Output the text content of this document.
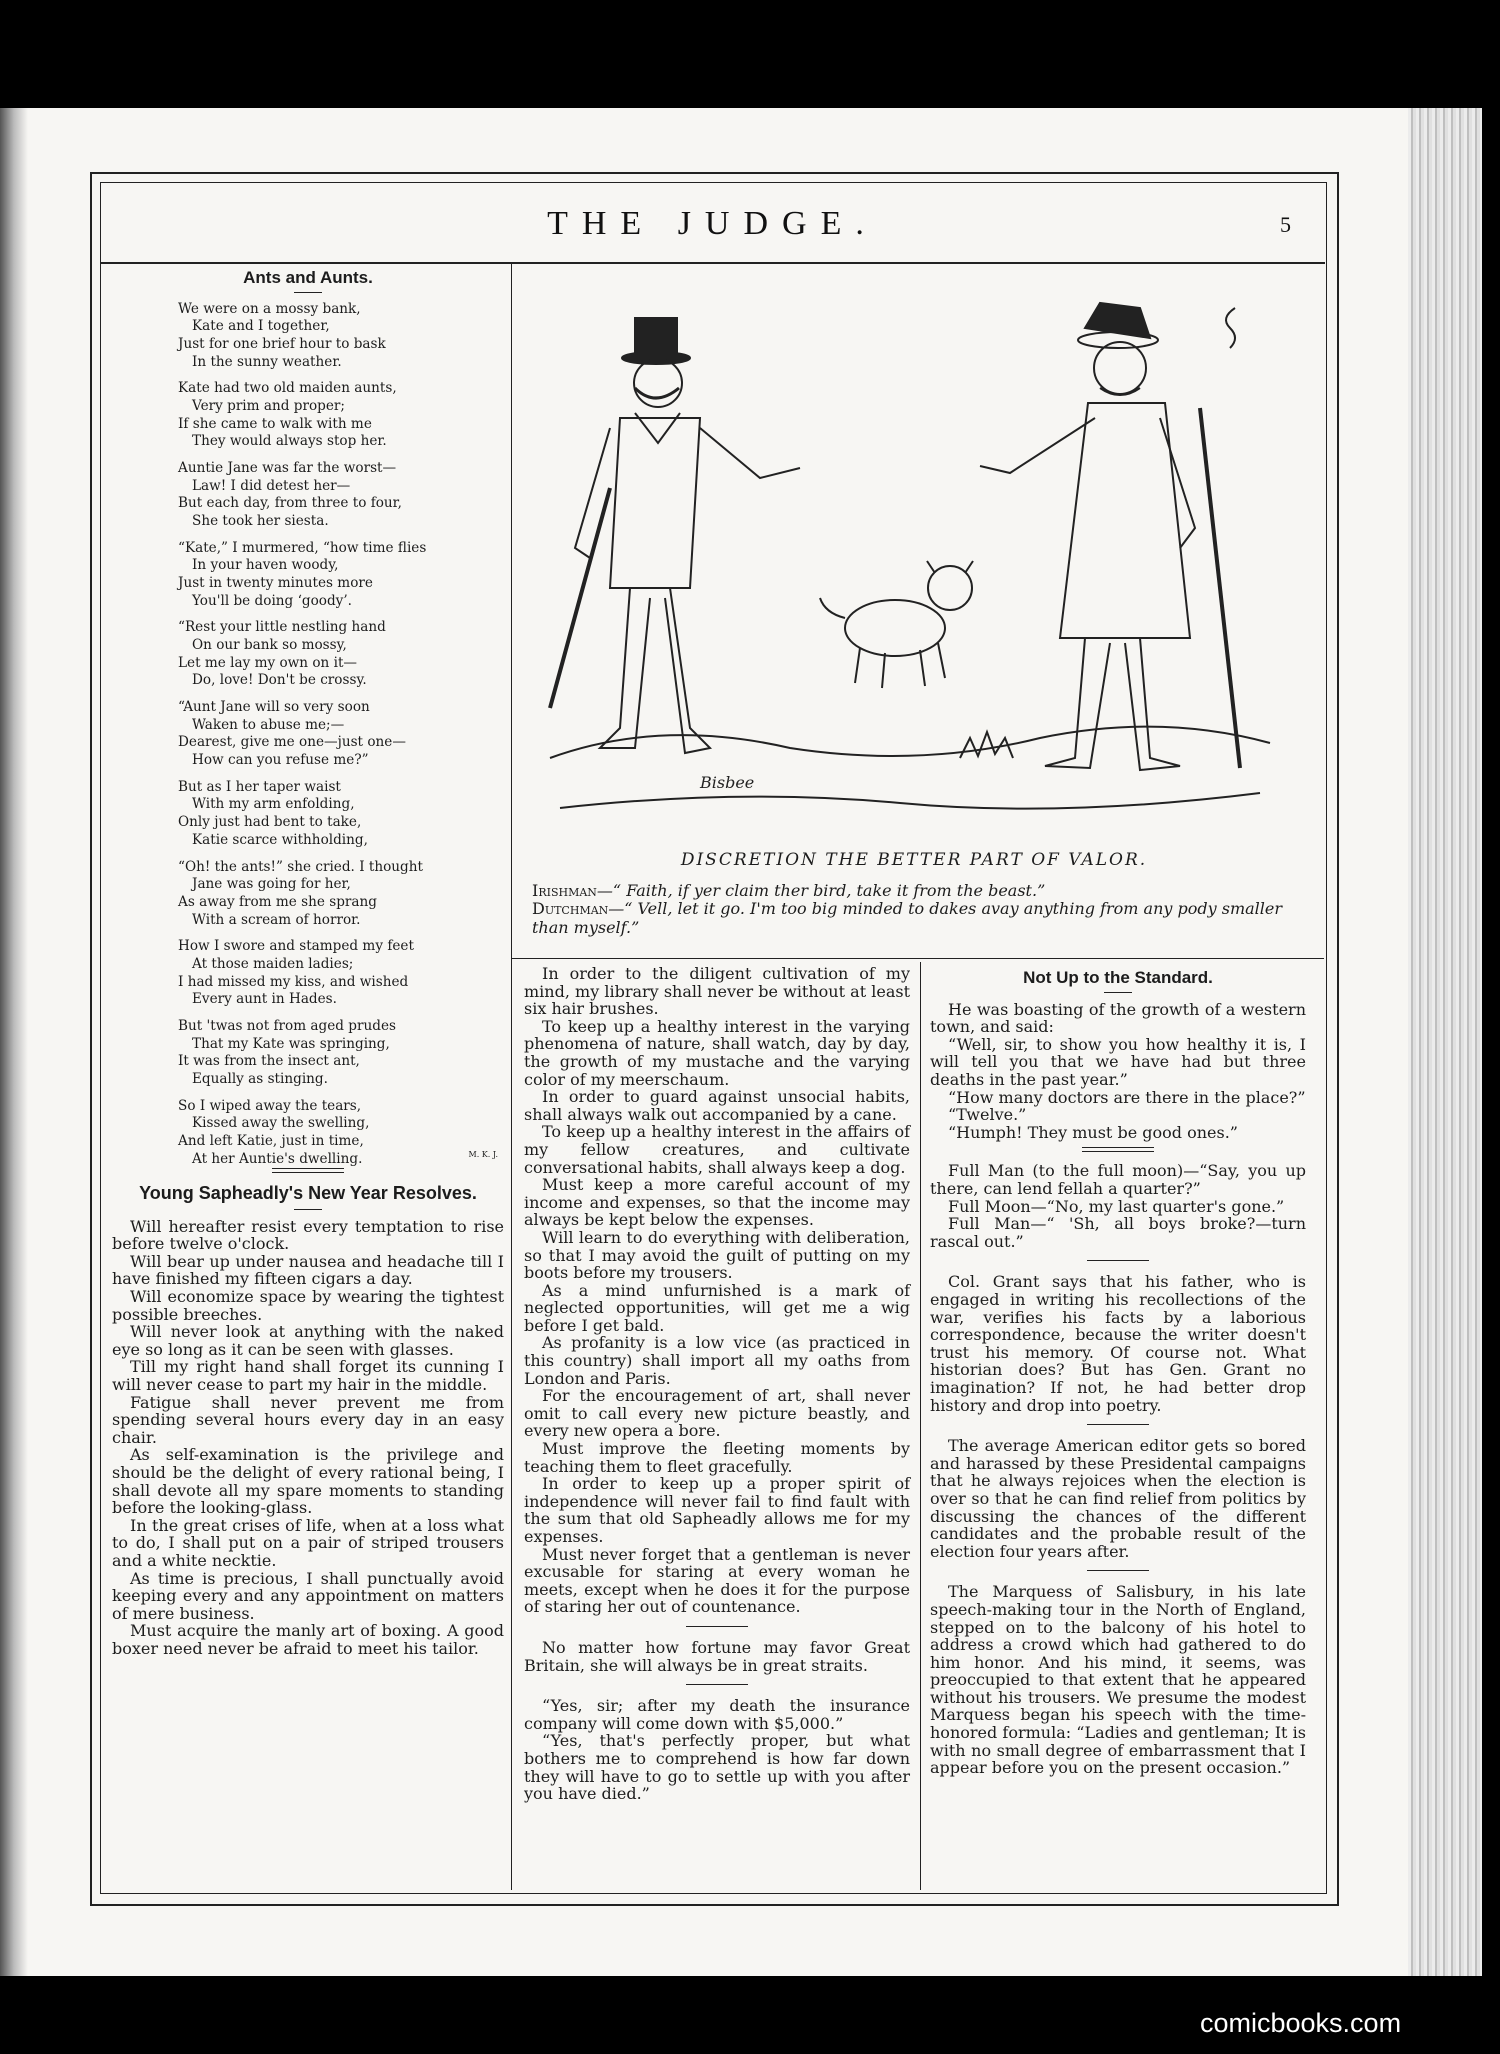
THE JUDGE.	5
Ants and Aunts.
We were on a mossy bank,
Kate and I together,
Just for one brief hour to bask
In the sunny weather.
Kate had two old maiden aunts,
Very prim and proper;
If she came to walk with me
They would always stop her.
Auntie Jane was far the worst—
Law! I did detest her—
But each day, from three to four,
She took her siesta.
“Kate,” I murmered, “how time flies
In your haven woody,
Just in twenty minutes more
You'll be doing ‘goody’.
“Rest your little nestling hand
On our bank so mossy,
Let me lay my own on it—
Do, love! Don't be crossy.
“Aunt Jane will so very soon
Waken to abuse me;—
Dearest, give me one—just one—
How can you refuse me?”
But as I her taper waist
With my arm enfolding,
Only just had bent to take,
Katie scarce withholding,
“Oh! the ants!” she cried. I thought
Jane was going for her,
As away from me she sprang
With a scream of horror.
How I swore and stamped my feet
At those maiden ladies;
I had missed my kiss, and wished
Every aunt in Hades.
But 'twas not from aged prudes
That my Kate was springing,
It was from the insect ant,
Equally as stinging.
So I wiped away the tears,
Kissed away the swelling,
And left Katie, just in time,
At her Auntie's dwelling.	M. K. J.
Young Sapheadly's New Year Resolves.

Will hereafter resist every temptation to rise before twelve o'clock.

Will bear up under nausea and headache till I have finished my fifteen cigars a day.

Will economize space by wearing the tightest possible breeches.

Will never look at anything with the naked eye so long as it can be seen with glasses.

Till my right hand shall forget its cunning I will never cease to part my hair in the middle.

Fatigue shall never prevent me from spending several hours every day in an easy chair.

As self-examination is the privilege and should be the delight of every rational being, I shall devote all my spare moments to standing before the looking-glass.

In the great crises of life, when at a loss what to do, I shall put on a pair of striped trousers and a white necktie.

As time is precious, I shall punctually avoid keeping every and any appointment on matters of mere business.

Must acquire the manly art of boxing. A good boxer need never be afraid to meet his tailor.

Bisbee
DISCRETION THE BETTER PART OF VALOR.
Irishman—“ Faith, if yer claim ther bird, take it from the beast.”
Dutchman—“ Vell, let it go. I'm too big minded to dakes avay anything from any pody smaller than myself.”

In order to the diligent cultivation of my mind, my library shall never be without at least six hair brushes.

To keep up a healthy interest in the varying phenomena of nature, shall watch, day by day, the growth of my mustache and the varying color of my meerschaum.

In order to guard against unsocial habits, shall always walk out accompanied by a cane.

To keep up a healthy interest in the affairs of my fellow creatures, and cultivate conversational habits, shall always keep a dog.

Must keep a more careful account of my income and expenses, so that the income may always be kept below the expenses.

Will learn to do everything with deliberation, so that I may avoid the guilt of putting on my boots before my trousers.

As a mind unfurnished is a mark of neglected opportunities, will get me a wig before I get bald.

As profanity is a low vice (as practiced in this country) shall import all my oaths from London and Paris.

For the encouragement of art, shall never omit to call every new picture beastly, and every new opera a bore.

Must improve the fleeting moments by teaching them to fleet gracefully.

In order to keep up a proper spirit of independence will never fail to find fault with the sum that old Sapheadly allows me for my expenses.

Must never forget that a gentleman is never excusable for staring at every woman he meets, except when he does it for the purpose of staring her out of countenance.

No matter how fortune may favor Great Britain, she will always be in great straits.

“Yes, sir; after my death the insurance company will come down with $5,000.”

“Yes, that's perfectly proper, but what bothers me to comprehend is how far down they will have to go to settle up with you after you have died.”

Not Up to the Standard.

He was boasting of the growth of a western town, and said:

“Well, sir, to show you how healthy it is, I will tell you that we have had but three deaths in the past year.”

“How many doctors are there in the place?”

“Twelve.”

“Humph! They must be good ones.”

Full Man (to the full moon)—“Say, you up there, can lend fellah a quarter?”

Full Moon—“No, my last quarter's gone.”

Full Man—“ 'Sh, all boys broke?—turn rascal out.”

Col. Grant says that his father, who is engaged in writing his recollections of the war, verifies his facts by a laborious correspondence, because the writer doesn't trust his memory. Of course not. What historian does? But has Gen. Grant no imagination? If not, he had better drop history and drop into poetry.

The average American editor gets so bored and harassed by these Presidental campaigns that he always rejoices when the election is over so that he can find relief from politics by discussing the chances of the different candidates and the probable result of the election four years after.

The Marquess of Salisbury, in his late speech-making tour in the North of England, stepped on to the balcony of his hotel to address a crowd which had gathered to do him honor. And his mind, it seems, was preoccupied to that extent that he appeared without his trousers. We presume the modest Marquess began his speech with the time-honored formula: “Ladies and gentleman; It is with no small degree of embarrassment that I appear before you on the present occasion.”

comicbooks.com
